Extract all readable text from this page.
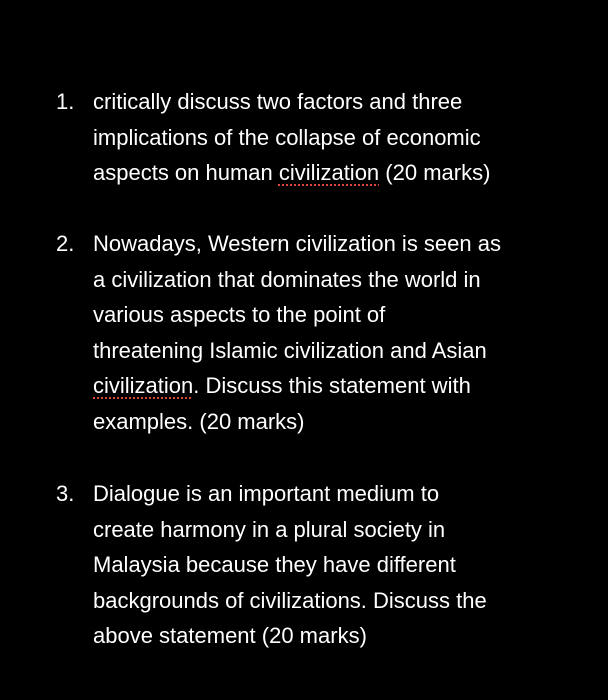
1. critically discuss two factors and three
implications of the collapse of economic
aspects on human civilization (20 marks)
2. Nowadays, Western civilization is seen as
a civilization that dominates the world in
various aspects to the point of
threatening Islamic civilization and Asian
civilization. Discuss this statement with
examples. (20 marks)
3. Dialogue is an important medium to
create harmony in a plural society in
Malaysia because they have different
backgrounds of civilizations. Discuss the
above statement (20 marks)
